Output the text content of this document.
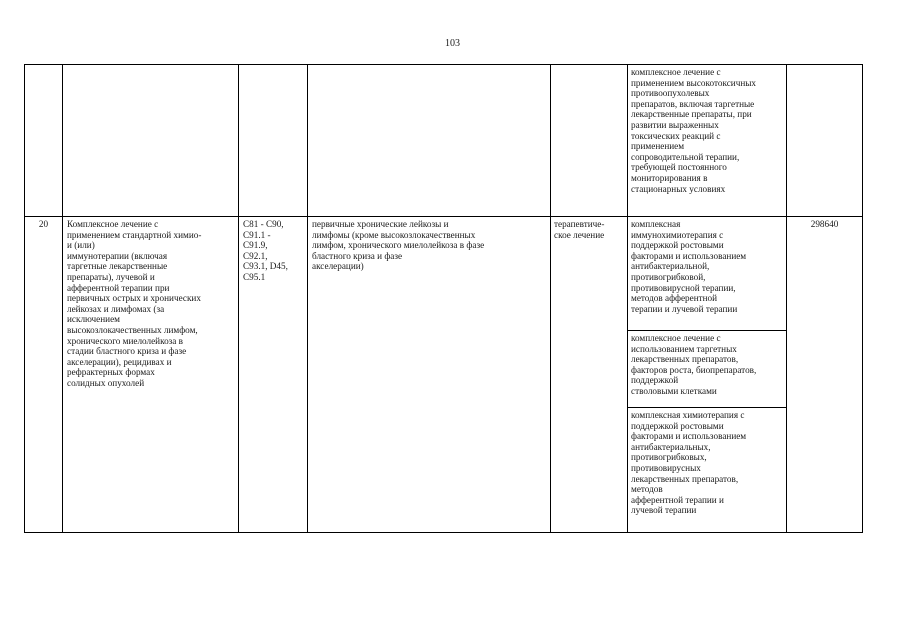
103
комплексное лечение с
применением высокотоксичных
противоопухолевых
препаратов, включая таргетные
лекарственные препараты, при
развитии выраженных
токсических реакций с
применением
сопроводительной терапии,
требующей постоянного
мониторирования в
стационарных условиях
20	Комплексное лечение с
применением стандартной химио-
и (или)
иммунотерапии (включая
таргетные лекарственные
препараты), лучевой и
афферентной терапии при
первичных острых и хронических
лейкозах и лимфомах (за
исключением
высокозлокачественных лимфом,
хронического миелолейкоза в
стадии бластного криза и фазе
акселерации), рецидивах и
рефрактерных формах
солидных опухолей
C81 - C90,
C91.1 -
C91.9,
C92.1,
C93.1, D45,
C95.1
первичные хронические лейкозы и
лимфомы (кроме высокозлокачественных
лимфом, хронического миелолейкоза в фазе
бластного криза и фазе
акселерации)
терапевтиче-
ское лечение
комплексная
иммунохимиотерапия с
поддержкой ростовыми
факторами и использованием
антибактериальной,
противогрибковой,
противовирусной терапии,
методов афферентной
терапии и лучевой терапии
комплексное лечение с
использованием таргетных
лекарственных препаратов,
факторов роста, биопрепаратов,
поддержкой
стволовыми клетками
комплексная химиотерапия с
поддержкой ростовыми
факторами и использованием
антибактериальных,
противогрибковых,
противовирусных
лекарственных препаратов,
методов
афферентной терапии и
лучевой терапии
298640
